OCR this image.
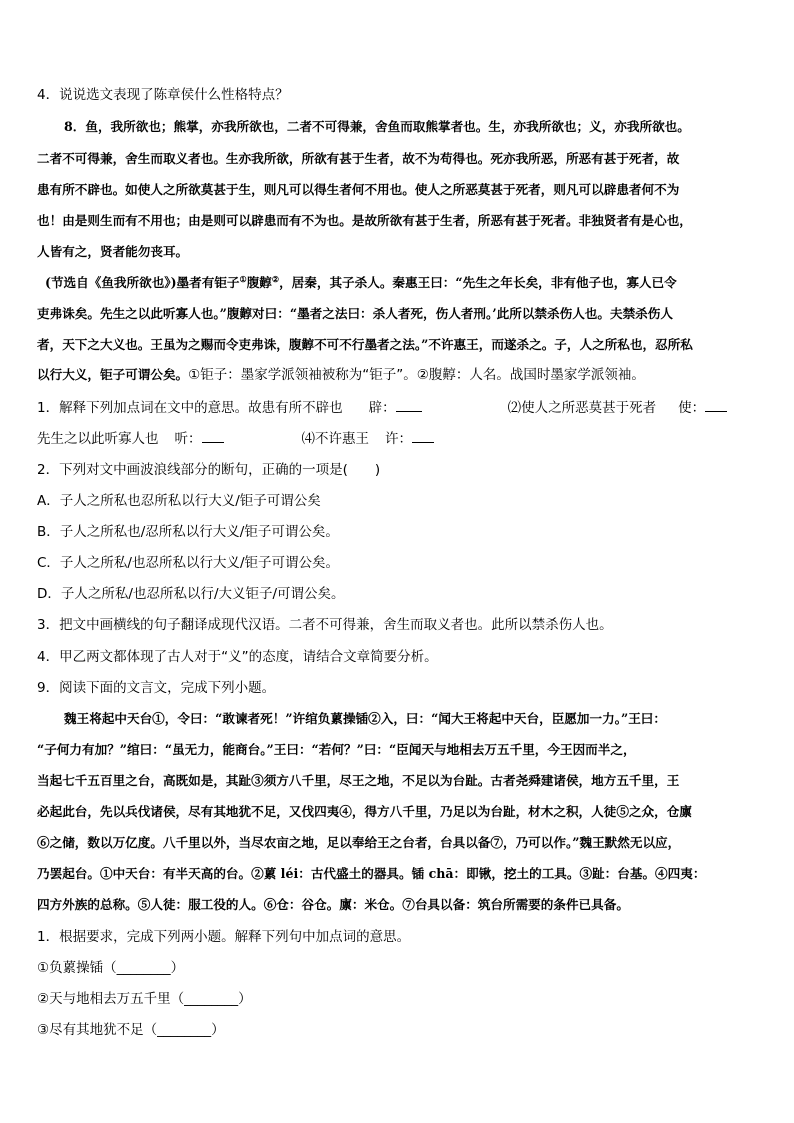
4．说说选文表现了陈章侯什么性格特点？

8．鱼，我所欲也；熊掌，亦我所欲也，二者不可得兼，舍鱼而取熊掌者也。生，亦我所欲也；义，亦我所欲也。

二者不可得兼，舍生而取义者也。生亦我所欲，所欲有甚于生者，故不为苟得也。死亦我所恶，所恶有甚于死者，故

患有所不辟也。如使人之所欲莫甚于生，则凡可以得生者何不用也。使人之所恶莫甚于死者，则凡可以辟患者何不为

也！由是则生而有不用也；由是则可以辟患而有不为也。是故所欲有甚于生者，所恶有甚于死者。非独贤者有是心也，

人皆有之，贤者能勿丧耳。

(节选自《鱼我所欲也》)墨者有钜子①腹䵍②，居秦，其子杀人。秦惠王曰：“先生之年长矣，非有他子也，寡人已令

吏弗诛矣。先生之以此听寡人也。”腹䵍对曰：“墨者之法曰：杀人者死，伤人者刑。’此所以禁杀伤人也。夫禁杀伤人

者，天下之大义也。王虽为之赐而令吏弗诛，腹䵍不可不行墨者之法。”不许惠王，而遂杀之。子，人之所私也，忍所私

以行大义，钜子可谓公矣。①钜子：墨家学派领袖被称为“钜子”。②腹䵍：人名。战国时墨家学派领袖。

1．解释下列加点词在文中的意思。故患有所不辟也 辟：	⑵使人之所恶莫甚于死者 使：

先生之以此听寡人也 听：	⑷不许惠王 许：

2．下列对文中画波浪线部分的断句，正确的一项是(　　)

A．子人之所私也忍所私以行大义/钜子可谓公矣

B．子人之所私也/忍所私以行大义/钜子可谓公矣。

C．子人之所私/也忍所私以行大义/钜子可谓公矣。

D．子人之所私/也忍所私以行/大义钜子/可谓公矣。

3．把文中画横线的句子翻译成现代汉语。二者不可得兼，舍生而取义者也。此所以禁杀伤人也。

4．甲乙两文都体现了古人对于“义”的态度，请结合文章简要分析。

9．阅读下面的文言文，完成下列小题。

魏王将起中天台①，令曰：“敢谏者死！”许绾负蔂操锸②入，曰：“闻大王将起中天台，臣愿加一力。”王曰：

“子何力有加？”绾曰：“虽无力，能商台。”王曰：“若何？”曰：“臣闻天与地相去万五千里，今王因而半之，

当起七千五百里之台，高既如是，其趾③须方八千里，尽王之地，不足以为台趾。古者尧舜建诸侯，地方五千里，王

必起此台，先以兵伐诸侯，尽有其地犹不足，又伐四夷④，得方八千里，乃足以为台趾，材木之积，人徒⑤之众，仓廪

⑥之储，数以万亿度。八千里以外，当尽农亩之地，足以奉给王之台者，台具以备⑦，乃可以作。”魏王默然无以应，

乃罢起台。①中天台：有半天高的台。②蔂 léi：古代盛土的器具。锸 chā：即锹，挖土的工具。③趾：台基。④四夷：

四方外族的总称。⑤人徒：服工役的人。⑥仓：谷仓。廪：米仓。⑦台具以备：筑台所需要的条件已具备。

1．根据要求，完成下列两小题。解释下列句中加点词的意思。

①负蔂操锸（________）

②天与地相去万五千里（________）

③尽有其地犹不足（________）
